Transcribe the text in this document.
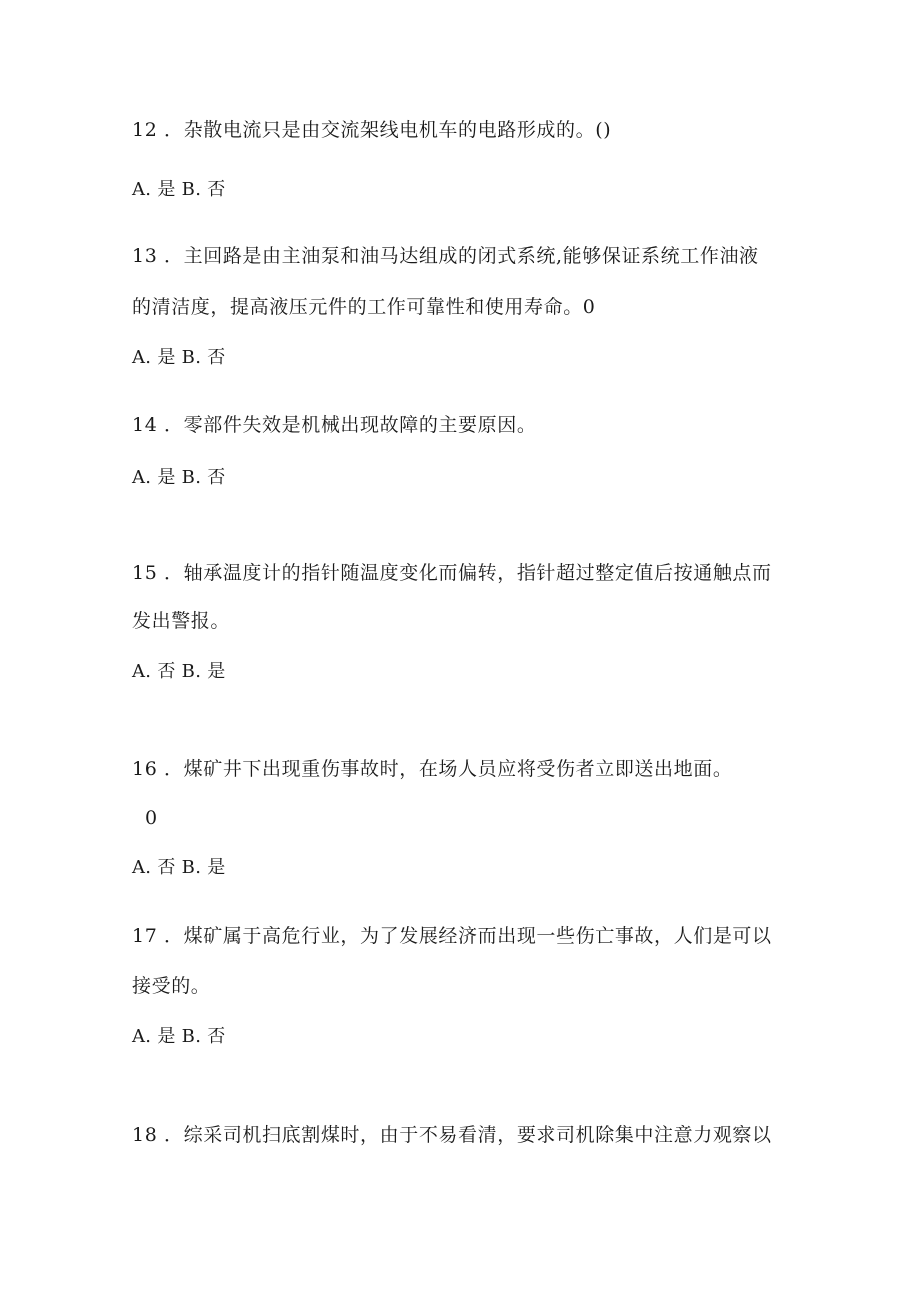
12 ．杂散电流只是由交流架线电机车的电路形成的。()
A. 是 B. 否
13 ．主回路是由主油泵和油马达组成的闭式系统,能够保证系统工作油液
的清洁度，提高液压元件的工作可靠性和使用寿命。0
A. 是 B. 否
14 ．零部件失效是机械出现故障的主要原因。
A. 是 B. 否
15 ．轴承温度计的指针随温度变化而偏转，指针超过整定值后按通触点而
发出警报。
A. 否 B. 是
16 ．煤矿井下出现重伤事故时，在场人员应将受伤者立即送出地面。
0
A. 否 B. 是
17 ．煤矿属于高危行业，为了发展经济而出现一些伤亡事故，人们是可以
接受的。
A. 是 B. 否
18 ．综采司机扫底割煤时，由于不易看清，要求司机除集中注意力观察以
